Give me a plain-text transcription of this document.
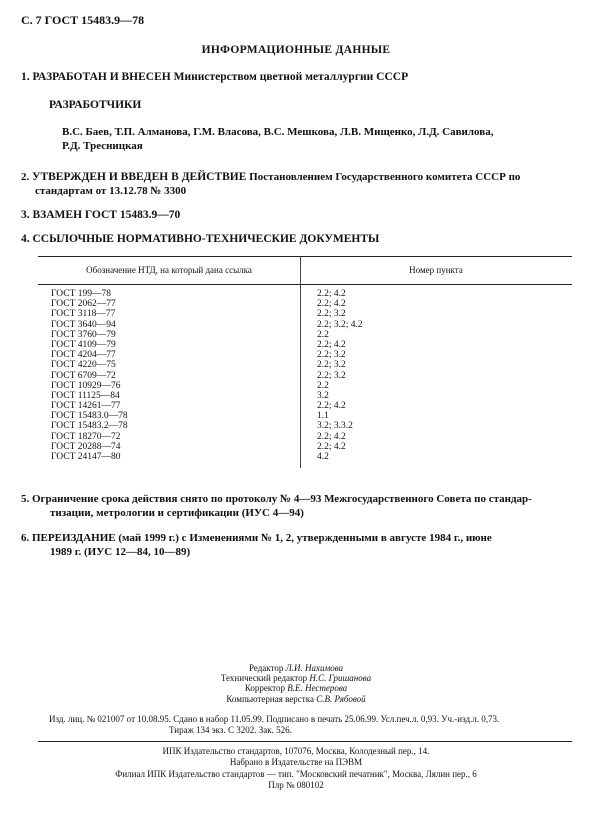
С. 7 ГОСТ 15483.9—78
ИНФОРМАЦИОННЫЕ ДАННЫЕ
1. РАЗРАБОТАН И ВНЕСЕН Министерством цветной металлургии СССР
РАЗРАБОТЧИКИ
В.С. Баев, Т.П. Алманова, Г.М. Власова, В.С. Мешкова, Л.В. Мищенко, Л.Д. Савилова,
Р.Д. Тресницкая
2. УТВЕРЖДЕН И ВВЕДЕН В ДЕЙСТВИЕ Постановлением Государственного комитета СССР по
стандартам от 13.12.78 № 3300
3. ВЗАМЕН ГОСТ 15483.9—70
4. ССЫЛОЧНЫЕ НОРМАТИВНО-ТЕХНИЧЕСКИЕ ДОКУМЕНТЫ
Обозначение НТД, на который дана ссылка	Номер пункта
ГОСТ 199—78	2.2; 4.2
ГОСТ 2062—77	2.2; 4.2
ГОСТ 3118—77	2.2; 3.2
ГОСТ 3640—94	2.2; 3.2; 4.2
ГОСТ 3760—79	2.2
ГОСТ 4109—79	2.2; 4.2
ГОСТ 4204—77	2.2; 3.2
ГОСТ 4220—75	2.2; 3.2
ГОСТ 6709—72	2.2; 3.2
ГОСТ 10929—76	2.2
ГОСТ 11125—84	3.2
ГОСТ 14261—77	2.2; 4.2
ГОСТ 15483.0—78	1.1
ГОСТ 15483.2—78	3.2; 3.3.2
ГОСТ 18270—72	2.2; 4.2
ГОСТ 20288—74	2.2; 4.2
ГОСТ 24147—80	4.2
5. Ограничение срока действия снято по протоколу № 4—93 Межгосударственного Совета по стандар-
тизации, метрологии и сертификации (ИУС 4—94)
6. ПЕРЕИЗДАНИЕ (май 1999 г.) с Изменениями № 1, 2, утвержденными в августе 1984 г., июне
1989 г. (ИУС 12—84, 10—89)
Редактор Л.И. Нахимова
Технический редактор Н.С. Гришанова
Корректор В.Е. Нестерова
Компьютерная верстка С.В. Рябовой
Изд. лиц. № 021007 от 10.08.95. Сдано в набор 11.05.99. Подписано в печать 25.06.99. Усл.печ.л. 0,93. Уч.-изд.л. 0,73.
Тираж 134 экз. С 3202. Зак. 526.
ИПК Издательство стандартов, 107076, Москва, Колодезный пер., 14.
Набрано в Издательстве на ПЭВМ
Филиал ИПК Издательство стандартов — тип. "Московский печатник", Москва, Лялин пер., 6
Плр № 080102
